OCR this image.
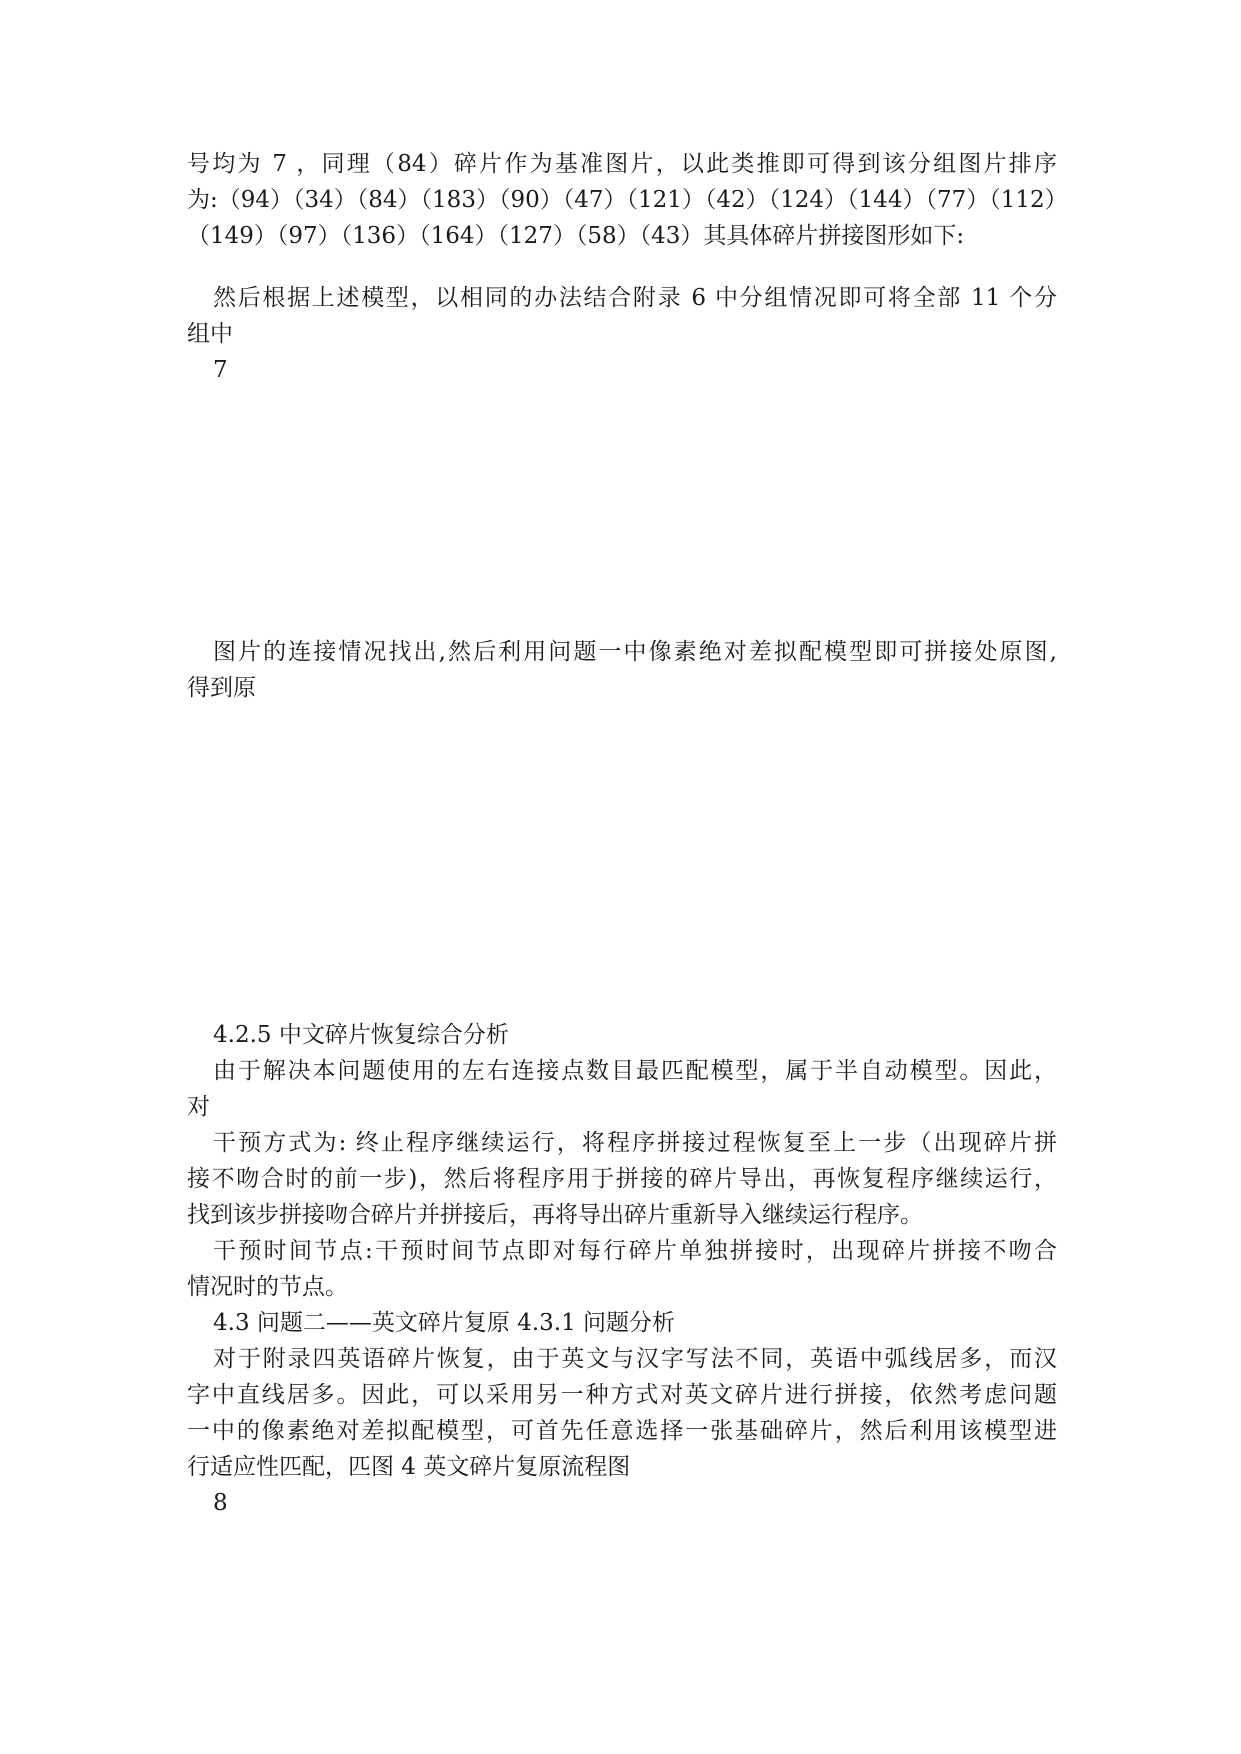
号均为 7 ，同理（84）碎片作为基准图片，以此类推即可得到该分组图片排序
为:（94）（34）（84）（183）（90）（47）（121）（42）（124）（144）（77）（112）
（149）（97）（136）（164）（127）（58）（43）其具体碎片拼接图形如下:
然后根据上述模型，以相同的办法结合附录 6 中分组情况即可将全部 11 个分
组中
7
图片的连接情况找出,然后利用问题一中像素绝对差拟配模型即可拼接处原图,
得到原
4.2.5 中文碎片恢复综合分析
由于解决本问题使用的左右连接点数目最匹配模型，属于半自动模型。因此，
对
干预方式为: 终止程序继续运行，将程序拼接过程恢复至上一步（出现碎片拼
接不吻合时的前一步)，然后将程序用于拼接的碎片导出，再恢复程序继续运行，
找到该步拼接吻合碎片并拼接后，再将导出碎片重新导入继续运行程序。
干预时间节点:干预时间节点即对每行碎片单独拼接时，出现碎片拼接不吻合
情况时的节点。
4.3 问题二——英文碎片复原 4.3.1 问题分析
对于附录四英语碎片恢复，由于英文与汉字写法不同，英语中弧线居多，而汉
字中直线居多。因此，可以采用另一种方式对英文碎片进行拼接，依然考虑问题
一中的像素绝对差拟配模型，可首先任意选择一张基础碎片，然后利用该模型进
行适应性匹配，匹图 4 英文碎片复原流程图
8
